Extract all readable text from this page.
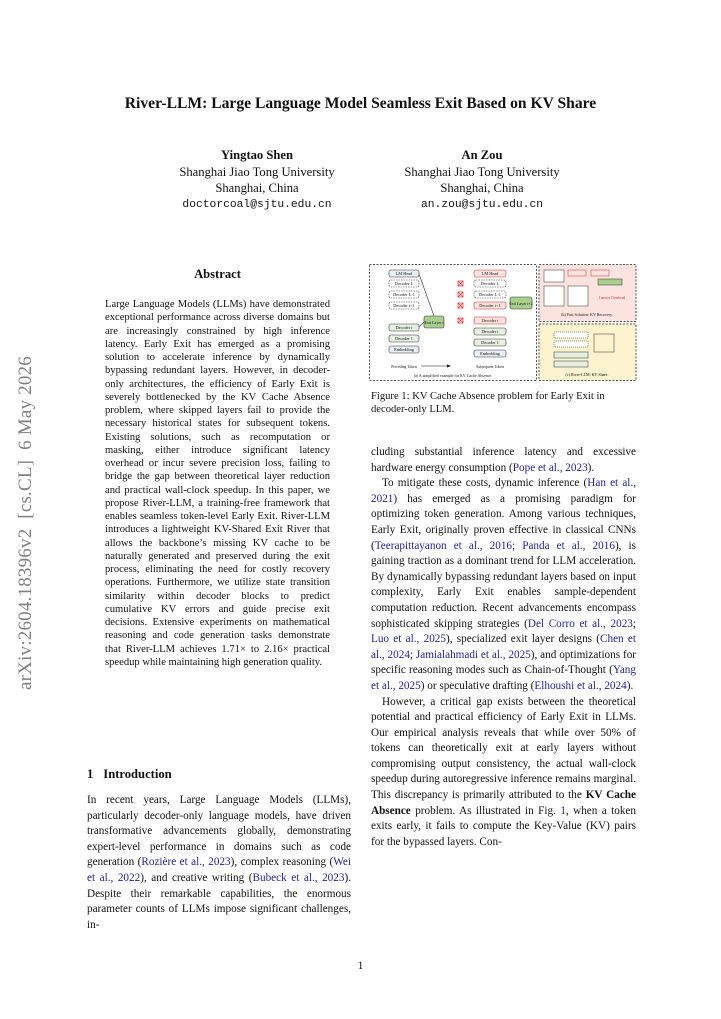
River-LLM: Large Language Model Seamless Exit Based on KV Share
Yingtao Shen
Shanghai Jiao Tong University
Shanghai, China
doctorcoal@sjtu.edu.cn
An Zou
Shanghai Jiao Tong University
Shanghai, China
an.zou@sjtu.edu.cn
arXiv:2604.18396v2  [cs.CL]  6 May 2026
Abstract
Large Language Models (LLMs) have demonstrated exceptional performance across diverse domains but are increasingly constrained by high inference latency. Early Exit has emerged as a promising solution to accelerate inference by dynamically bypassing redundant layers. However, in decoder-only architectures, the efficiency of Early Exit is severely bottlenecked by the KV Cache Absence problem, where skipped layers fail to provide the necessary historical states for subsequent tokens. Existing solutions, such as recomputation or masking, either introduce significant latency overhead or incur severe precision loss, failing to bridge the gap between theoretical layer reduction and practical wall-clock speedup. In this paper, we propose River-LLM, a training-free framework that enables seamless token-level Early Exit. River-LLM introduces a lightweight KV-Shared Exit River that allows the backbone’s missing KV cache to be naturally generated and preserved during the exit process, eliminating the need for costly recovery operations. Furthermore, we utilize state transition similarity within decoder blocks to predict cumulative KV errors and guide precise exit decisions. Extensive experiments on mathematical reasoning and code generation tasks demonstrate that River-LLM achieves 1.71× to 2.16× practical speedup while maintaining high generation quality.
1 Introduction
In recent years, Large Language Models (LLMs), particularly decoder-only language models, have driven transformative advancements globally, demonstrating expert-level performance in domains such as code generation (Rozière et al., 2023), complex reasoning (Wei et al., 2022), and creative writing (Bubeck et al., 2023). Despite their remarkable capabilities, the enormous parameter counts of LLMs impose significant challenges, in-
LM Head
Decoder L
Decoder L-1
Decoder i+1
Decoder i
Decoder 1
Embedding
Exit Layer i
LM Head
Decoder L
Decoder L-1
Decoder i+1
Decoder i
Decoder i
Decoder 1
Embedding
Exit Layer i+2
Preceding Token	Subsequent Token
(a) A simplified example for KV Cache Absence.
Latency Overhead
(b) Past Solution: KV Recovery.
(c) River-LLM: KV Share.
Figure 1: KV Cache Absence problem for Early Exit in decoder-only LLM.

cluding substantial inference latency and excessive hardware energy consumption (Pope et al., 2023).

To mitigate these costs, dynamic inference (Han et al., 2021) has emerged as a promising paradigm for optimizing token generation. Among various techniques, Early Exit, originally proven effective in classical CNNs (Teerapittayanon et al., 2016; Panda et al., 2016), is gaining traction as a dominant trend for LLM acceleration. By dynamically bypassing redundant layers based on input complexity, Early Exit enables sample-dependent computation reduction. Recent advancements encompass sophisticated skipping strategies (Del Corro et al., 2023; Luo et al., 2025), specialized exit layer designs (Chen et al., 2024; Jamialahmadi et al., 2025), and optimizations for specific reasoning modes such as Chain-of-Thought (Yang et al., 2025) or speculative drafting (Elhoushi et al., 2024).

However, a critical gap exists between the theoretical potential and practical efficiency of Early Exit in LLMs. Our empirical analysis reveals that while over 50% of tokens can theoretically exit at early layers without compromising output consistency, the actual wall-clock speedup during autoregressive inference remains marginal. This discrepancy is primarily attributed to the KV Cache Absence problem. As illustrated in Fig. 1, when a token exits early, it fails to compute the Key-Value (KV) pairs for the bypassed layers. Con-

1
